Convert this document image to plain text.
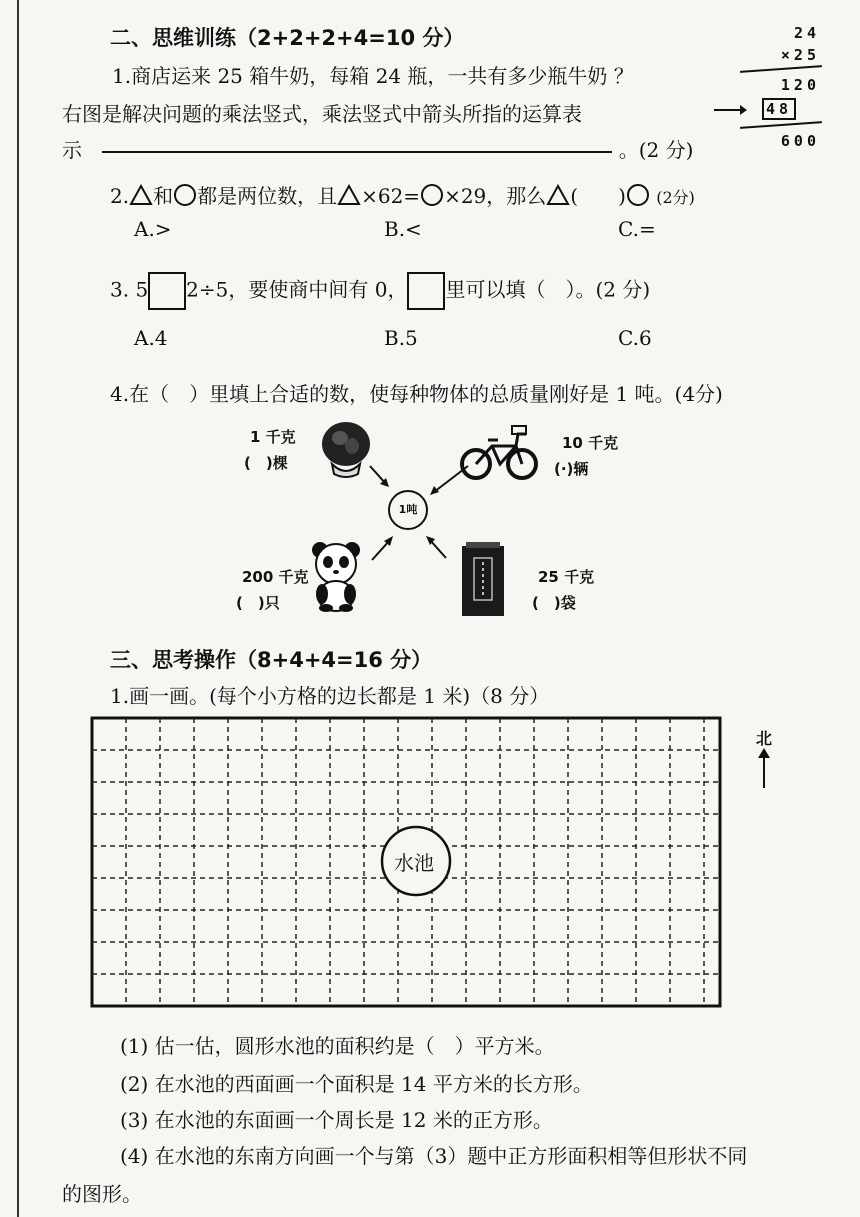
二、思维训练（2+2+2+4=10 分）
1.商店运来 25 箱牛奶，每箱 24 瓶，一共有多少瓶牛奶 ？
右图是解决问题的乘法竖式，乘法竖式中箭头所指的运算表
示	。(2 分)
24
×25
120
48
600
2. 和 都是两位数，且 ×62= ×29，那么 (　　) (2分)
A.>	B.<	C.=
3. 5 2÷5，要使商中间有 0， 里可以填（　）。(2 分)
A.4	B.5	C.6
4.在（　）里填上合适的数，使每种物体的总质量刚好是 1 吨。(4分)
1 千克
(　)棵
10 千克
(·)辆
1吨
200 千克
(　)只
25 千克
(　)袋
三、思考操作（8+4+4=16 分）
1.画一画。(每个小方格的边长都是 1 米)（8 分）
水池
北
(1) 估一估，圆形水池的面积约是（　）平方米。
(2) 在水池的西面画一个面积是 14 平方米的长方形。
(3) 在水池的东面画一个周长是 12 米的正方形。
(4) 在水池的东南方向画一个与第（3）题中正方形面积相等但形状不同
的图形。
